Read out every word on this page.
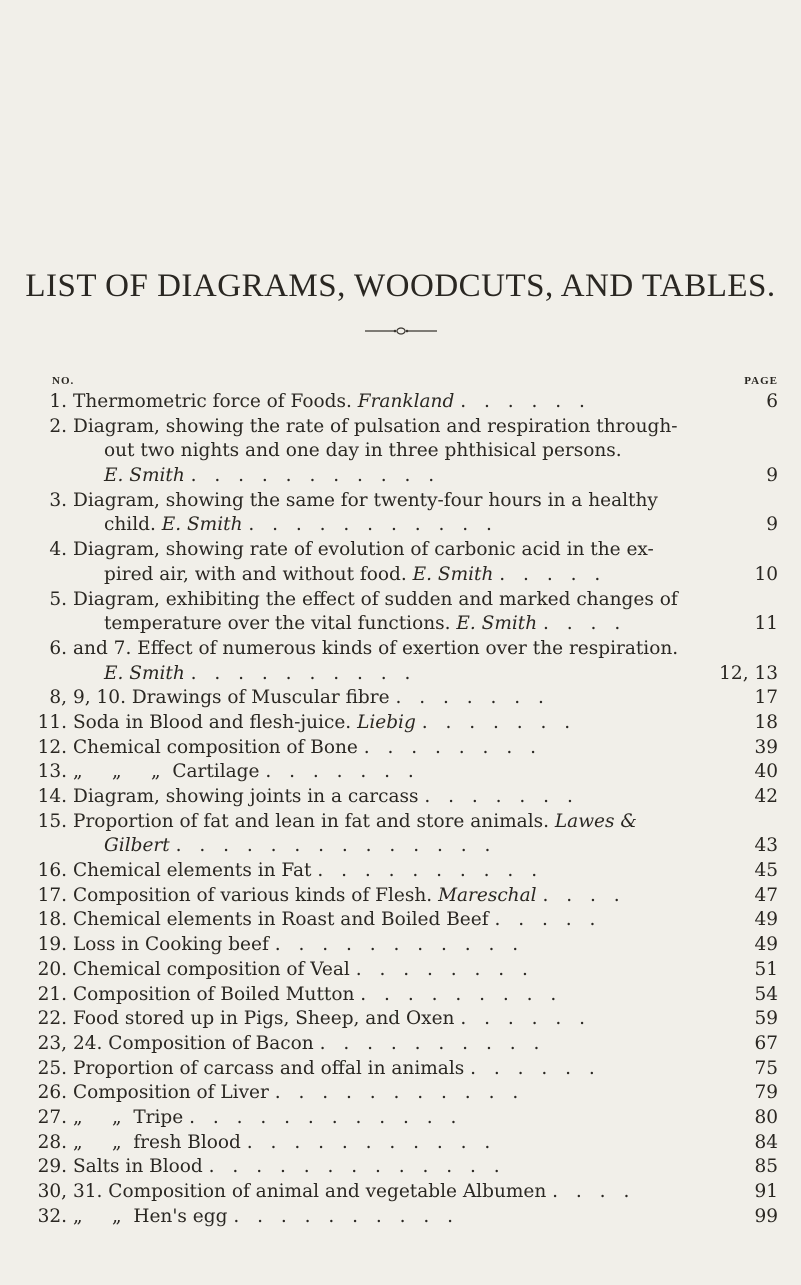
LIST OF DIAGRAMS, WOODCUTS, AND TABLES.
NO.	PAGE
1. Thermometric force of Foods. Frankland . . . . . .	6
2. Diagram, showing the rate of pulsation and respiration through-
out two nights and one day in three phthisical persons.
E. Smith . . . . . . . . . . .	9
3. Diagram, showing the same for twenty-four hours in a healthy
child. E. Smith . . . . . . . . . . .	9
4. Diagram, showing rate of evolution of carbonic acid in the ex-
pired air, with and without food. E. Smith . . . . .	10
5. Diagram, exhibiting the effect of sudden and marked changes of
temperature over the vital functions. E. Smith . . . .	11
6. and 7. Effect of numerous kinds of exertion over the respiration.
E. Smith . . . . . . . . . .	12, 13
8, 9, 10. Drawings of Muscular fibre . . . . . . .	17
11. Soda in Blood and flesh-juice. Liebig . . . . . . .	18
12. Chemical composition of Bone . . . . . . . .	39
13. „     „     „  Cartilage . . . . . . .	40
14. Diagram, showing joints in a carcass . . . . . . .	42
15. Proportion of fat and lean in fat and store animals. Lawes &
Gilbert . . . . . . . . . . . . . .	43
16. Chemical elements in Fat . . . . . . . . . .	45
17. Composition of various kinds of Flesh. Mareschal . . . .	47
18. Chemical elements in Roast and Boiled Beef . . . . .	49
19. Loss in Cooking beef . . . . . . . . . . .	49
20. Chemical composition of Veal . . . . . . . .	51
21. Composition of Boiled Mutton . . . . . . . . .	54
22. Food stored up in Pigs, Sheep, and Oxen . . . . . .	59
23, 24. Composition of Bacon . . . . . . . . . .	67
25. Proportion of carcass and offal in animals . . . . . .	75
26. Composition of Liver . . . . . . . . . . .	79
27. „     „  Tripe . . . . . . . . . . . .	80
28. „     „  fresh Blood . . . . . . . . . . .	84
29. Salts in Blood . . . . . . . . . . . . .	85
30, 31. Composition of animal and vegetable Albumen . . . .	91
32. „     „  Hen's egg . . . . . . . . . .	99
